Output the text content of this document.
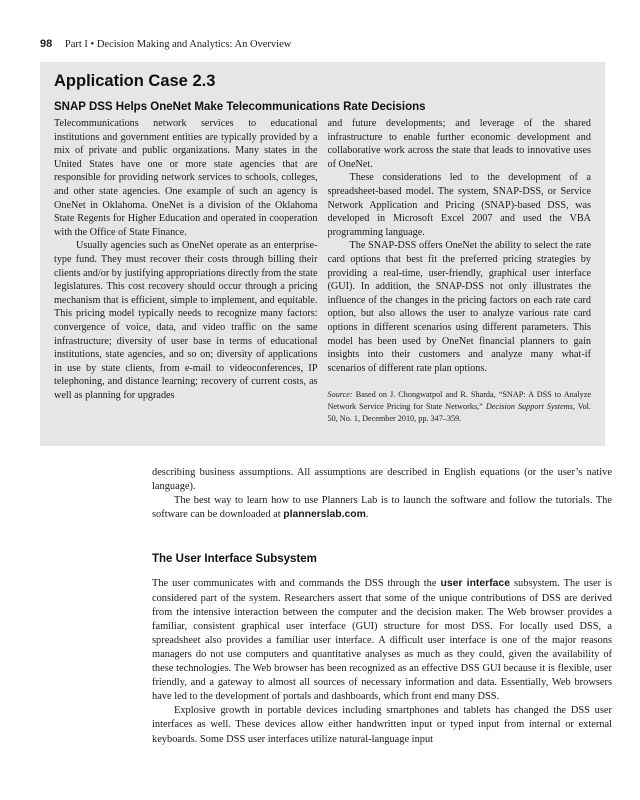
98 Part I • Decision Making and Analytics: An Overview
Application Case 2.3
SNAP DSS Helps OneNet Make Telecommunications Rate Decisions

Telecommunications network services to educational institutions and government entities are typically provided by a mix of private and public organizations. Many states in the United States have one or more state agencies that are responsible for providing network services to schools, colleges, and other state agencies. One example of such an agency is OneNet in Oklahoma. OneNet is a division of the Oklahoma State Regents for Higher Education and operated in cooperation with the Office of State Finance.

Usually agencies such as OneNet operate as an enterprise-type fund. They must recover their costs through billing their clients and/or by justifying appropriations directly from the state legislatures. This cost recovery should occur through a pricing mechanism that is efficient, simple to implement, and equitable. This pricing model typically needs to recognize many factors: convergence of voice, data, and video traffic on the same infrastructure; diversity of user base in terms of educational institutions, state agencies, and so on; diversity of applications in use by state clients, from e-mail to videoconferences, IP telephoning, and distance learning; recovery of current costs, as well as planning for upgrades

and future developments; and leverage of the shared infrastructure to enable further economic development and collaborative work across the state that leads to innovative uses of OneNet.

These considerations led to the development of a spreadsheet-based model. The system, SNAP-DSS, or Service Network Application and Pricing (SNAP)-based DSS, was developed in Microsoft Excel 2007 and used the VBA programming language.

The SNAP-DSS offers OneNet the ability to select the rate card options that best fit the preferred pricing strategies by providing a real-time, user-friendly, graphical user interface (GUI). In addition, the SNAP-DSS not only illustrates the influence of the changes in the pricing factors on each rate card option, but also allows the user to analyze various rate card options in different scenarios using different parameters. This model has been used by OneNet financial planners to gain insights into their customers and analyze many what-if scenarios of different rate plan options.

Source: Based on J. Chongwatpol and R. Sharda, “SNAP: A DSS to Analyze Network Service Pricing for State Networks,” Decision Support Systems, Vol. 50, No. 1, December 2010, pp. 347–359.

describing business assumptions. All assumptions are described in English equations (or the user’s native language).

The best way to learn how to use Planners Lab is to launch the software and follow the tutorials. The software can be downloaded at plannerslab.com.

The User Interface Subsystem

The user communicates with and commands the DSS through the user interface subsystem. The user is considered part of the system. Researchers assert that some of the unique contributions of DSS are derived from the intensive interaction between the computer and the decision maker. The Web browser provides a familiar, consistent graphical user interface (GUI) structure for most DSS. For locally used DSS, a spreadsheet also provides a familiar user interface. A difficult user interface is one of the major reasons managers do not use computers and quantitative analyses as much as they could, given the availability of these technologies. The Web browser has been recognized as an effective DSS GUI because it is flexible, user friendly, and a gateway to almost all sources of necessary information and data. Essentially, Web browsers have led to the development of portals and dashboards, which front end many DSS.

Explosive growth in portable devices including smartphones and tablets has changed the DSS user interfaces as well. These devices allow either handwritten input or typed input from internal or external keyboards. Some DSS user interfaces utilize natural-language input
